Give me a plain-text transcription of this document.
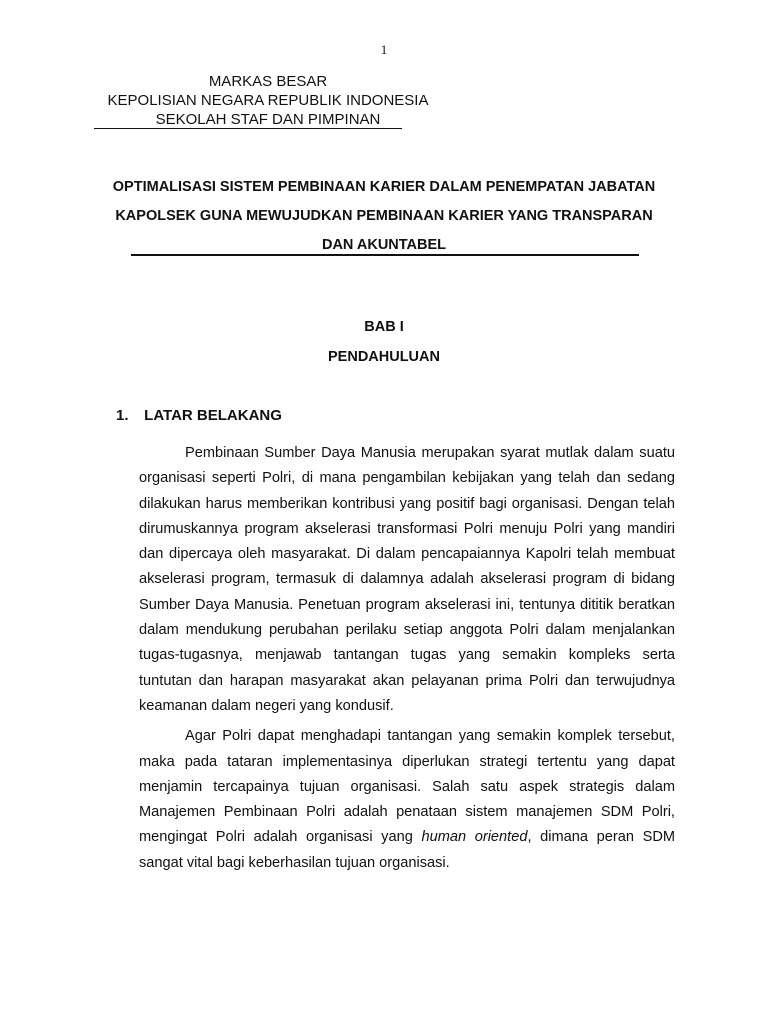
1
MARKAS BESAR
KEPOLISIAN NEGARA REPUBLIK INDONESIA
SEKOLAH STAF DAN PIMPINAN
OPTIMALISASI SISTEM PEMBINAAN KARIER DALAM PENEMPATAN JABATAN
KAPOLSEK GUNA MEWUJUDKAN PEMBINAAN KARIER YANG TRANSPARAN
DAN AKUNTABEL
BAB I
PENDAHULUAN
1. LATAR BELAKANG

Pembinaan Sumber Daya Manusia merupakan syarat mutlak dalam suatu organisasi seperti Polri, di mana pengambilan kebijakan yang telah dan sedang dilakukan harus memberikan kontribusi yang positif bagi organisasi. Dengan telah dirumuskannya program akselerasi transformasi Polri menuju Polri yang mandiri dan dipercaya oleh masyarakat. Di dalam pencapaiannya Kapolri telah membuat akselerasi program, termasuk di dalamnya adalah akselerasi program di bidang Sumber Daya Manusia. Penetuan program akselerasi ini, tentunya dititik beratkan dalam mendukung perubahan perilaku setiap anggota Polri dalam menjalankan tugas-tugasnya, menjawab tantangan tugas yang semakin kompleks serta tuntutan dan harapan masyarakat akan pelayanan prima Polri dan terwujudnya keamanan dalam negeri yang kondusif.

Agar Polri dapat menghadapi tantangan yang semakin komplek tersebut, maka pada tataran implementasinya diperlukan strategi tertentu yang dapat menjamin tercapainya tujuan organisasi. Salah satu aspek strategis dalam Manajemen Pembinaan Polri adalah penataan sistem manajemen SDM Polri, mengingat Polri adalah organisasi yang human oriented, dimana peran SDM sangat vital bagi keberhasilan tujuan organisasi.
